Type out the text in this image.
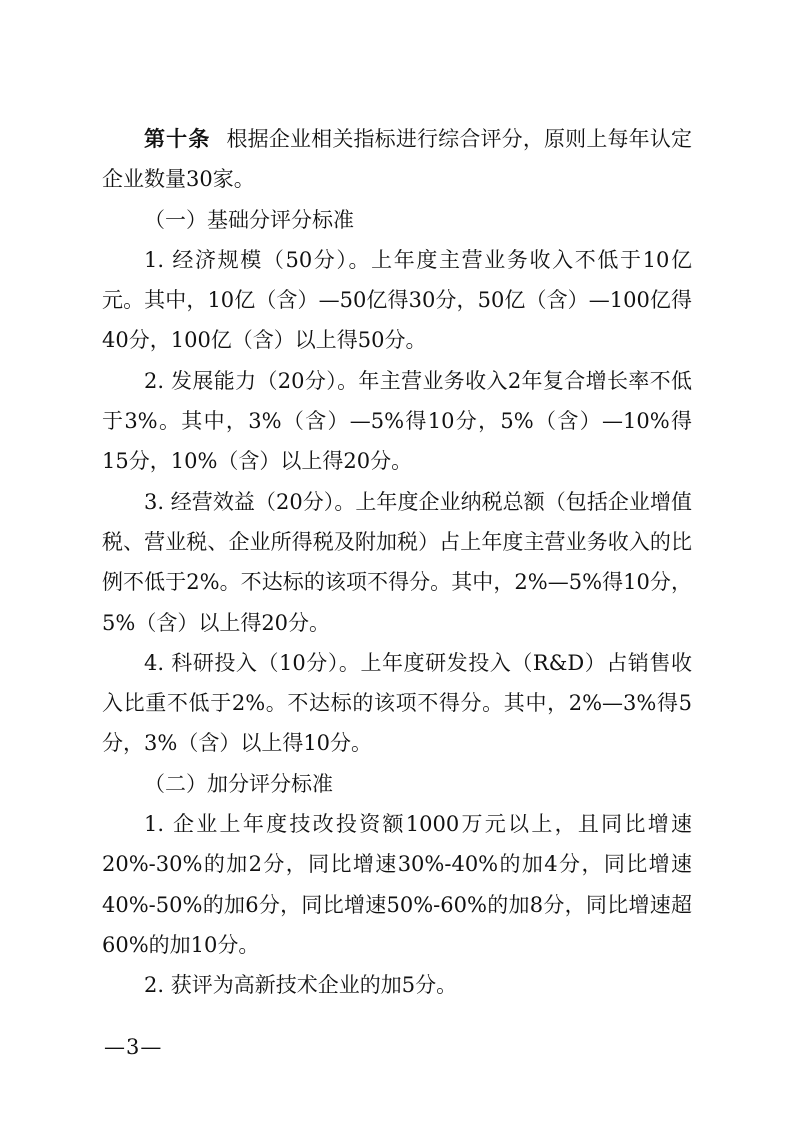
第十条 根据企业相关指标进行综合评分，原则上每年认定企业数量30家。

（一）基础分评分标准

1. 经济规模（50分）。上年度主营业务收入不低于10亿元。其中，10亿（含）—50亿得30分，50亿（含）—100亿得40分，100亿（含）以上得50分。

2. 发展能力（20分）。年主营业务收入2年复合增长率不低于3%。其中，3%（含）—5%得10分，5%（含）—10%得15分，10%（含）以上得20分。

3. 经营效益（20分）。上年度企业纳税总额（包括企业增值税、营业税、企业所得税及附加税）占上年度主营业务收入的比例不低于2%。不达标的该项不得分。其中，2%—5%得10分，5%（含）以上得20分。

4. 科研投入（10分）。上年度研发投入（R&D）占销售收入比重不低于2%。不达标的该项不得分。其中，2%—3%得5分，3%（含）以上得10分。

（二）加分评分标准

1. 企业上年度技改投资额1000万元以上，且同比增速20%-30%的加2分，同比增速30%-40%的加4分，同比增速40%-50%的加6分，同比增速50%-60%的加8分，同比增速超60%的加10分。

2. 获评为高新技术企业的加5分。

—3—
